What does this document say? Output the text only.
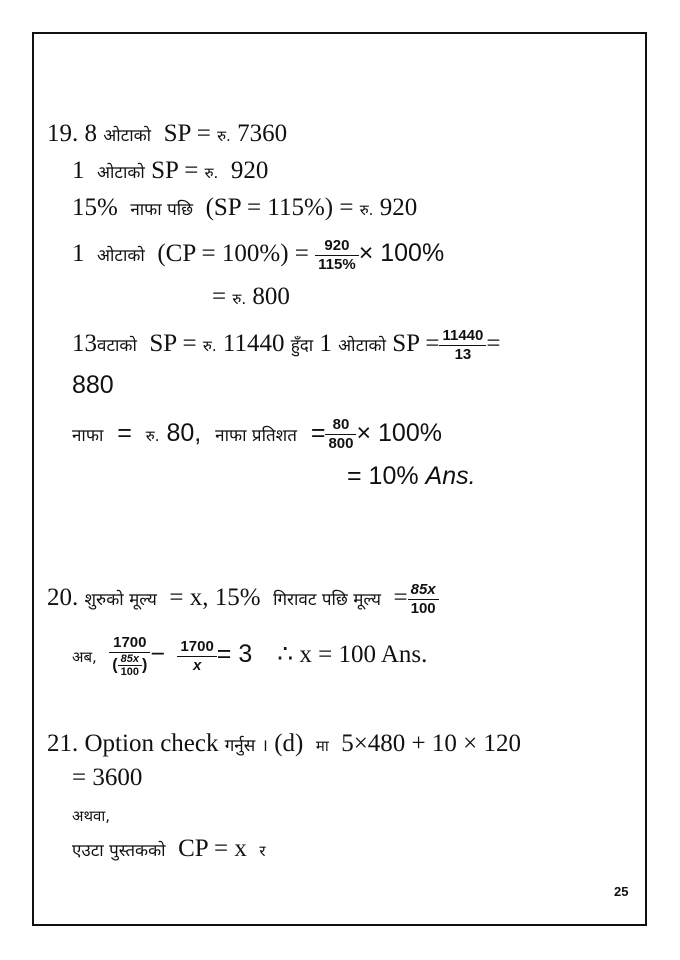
19. 8 ओटाको SP = रु. 7360
1 ओटाको SP = रु. 920
15% नाफा पछि (SP = 115%) = रु. 920
1 ओटाको $(CP = 100\%) = \frac{920}{115\%} \times 100\%$
= रु. 800
13वटाको SP = रु. 11440 हुँदा 1 ओटाको SP = $\frac{11440}{13}$ =
880
नाफा = रु. 80, नाफा प्रतिशत = $\frac{80}{800} \times 100\%$
= 10% Ans.
20. शुरुको मूल्य = x, 15% गिरावट पछि मूल्य = $\frac{85x}{100}$
अब, $\frac{1700}{( \frac{85x}{100} )} - \frac{1700}{x} = 3$ ∴ x = 100 Ans.
21. Option check गर्नुस । (d) मा 5×480 + 10 × 120
= 3600
अथवा,
एउटा पुस्तकको CP = x र
25
